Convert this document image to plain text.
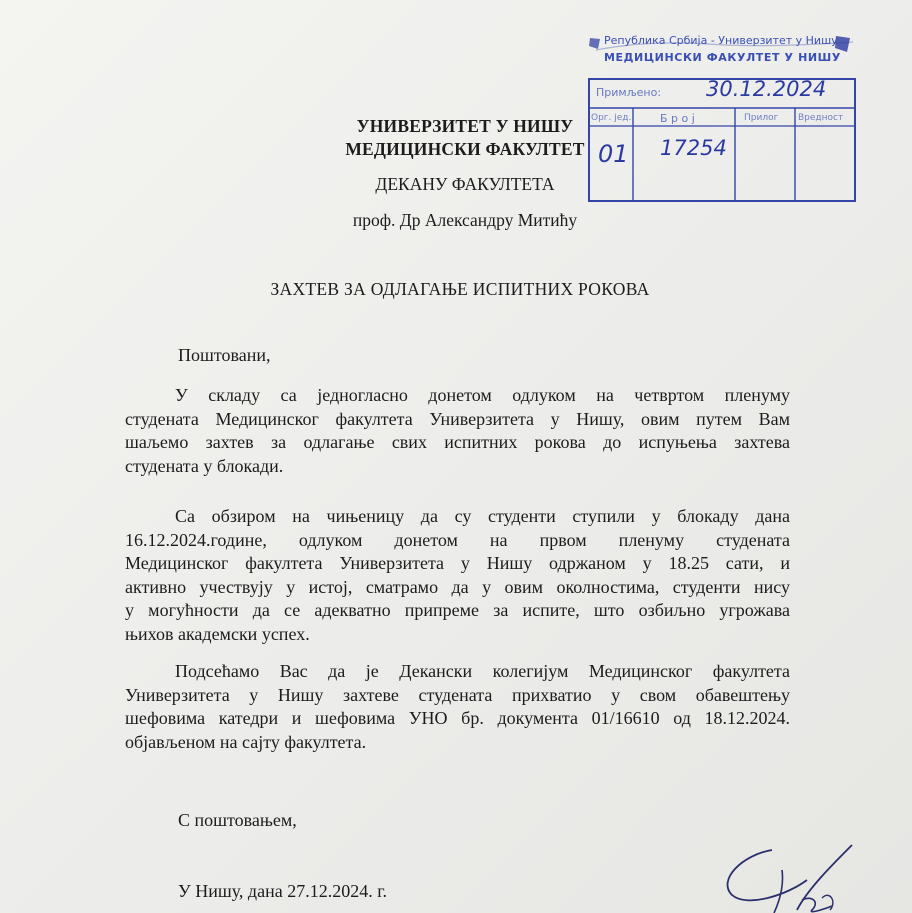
УНИВЕРЗИТЕТ У НИШУ
МЕДИЦИНСКИ ФАКУЛТЕТ
ДЕКАНУ ФАКУЛТЕТА
проф. Др Александру Митићу
Република Србија - Универзитет у Нишу
МЕДИЦИНСКИ ФАКУЛТЕТ У НИШУ
Примљено: 30.12.2024
Орг. јед.	Б р о ј	Прилог Вредност
01 17254
ЗАХТЕВ ЗА ОДЛАГАЊЕ ИСПИТНИХ РОКОВА
Поштовани,
У складу са једногласно донетом одлуком на четвртом пленуму
студената Медицинског факултета Универзитета у Нишу, овим путем Вам
шаљемо захтев за одлагање свих испитних рокова до испуњења захтева
студената у блокади.
Са обзиром на чињеницу да су студенти ступили у блокаду дана
16.12.2024.године, одлуком донетом на првом пленуму студената
Медицинског факултета Универзитета у Нишу одржаном у 18.25 сати, и
активно учествују у истој, сматрамо да у овим околностима, студенти нису
у могућности да се адекватно припреме за испите, што озбиљно угрожава
њихов академски успех.
Подсећамо Вас да је Декански колегијум Медицинског факултета
Универзитета у Нишу захтеве студената прихватио у свом обавештењу
шефовима катедри и шефовима УНО бр. документа 01/16610 од 18.12.2024.
објављеном на сајту факултета.
С поштовањем,
У Нишу, дана 27.12.2024. г.
